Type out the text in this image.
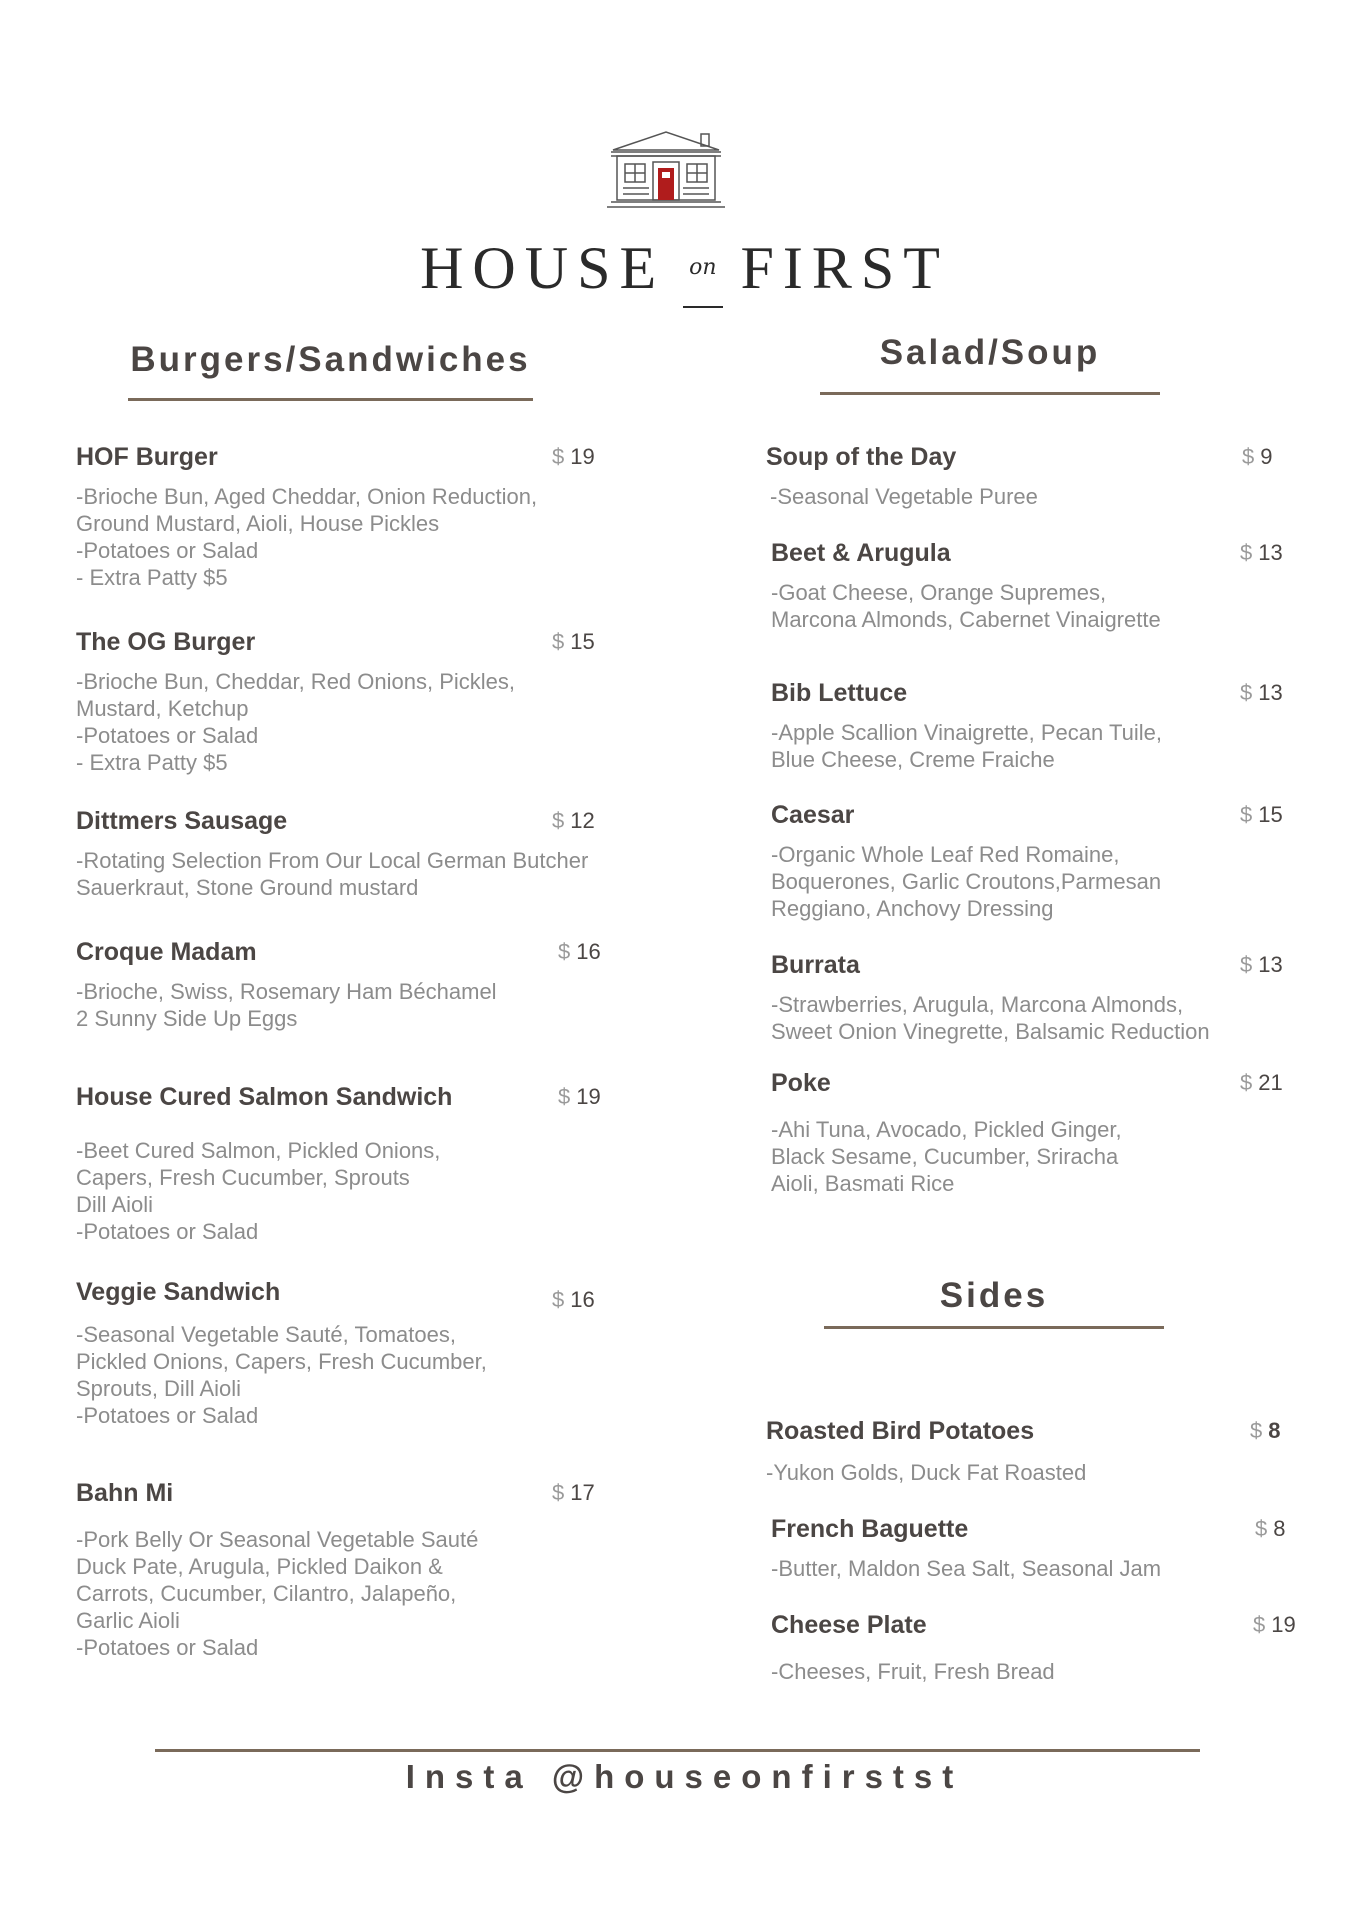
HOUSE on FIRST
Burgers/Sandwiches	Salad/Soup
Sides
HOF Burger	$ 19
-Brioche Bun, Aged Cheddar, Onion Reduction,
Ground Mustard, Aioli, House Pickles
-Potatoes or Salad
- Extra Patty $5
The OG Burger	$ 15
-Brioche Bun, Cheddar, Red Onions, Pickles,
Mustard, Ketchup
-Potatoes or Salad
- Extra Patty $5
Dittmers Sausage	$ 12
-Rotating Selection From Our Local German Butcher
Sauerkraut, Stone Ground mustard
Croque Madam	$ 16
-Brioche, Swiss, Rosemary Ham Béchamel
2 Sunny Side Up Eggs
House Cured Salmon Sandwich	$ 19
-Beet Cured Salmon, Pickled Onions,
Capers, Fresh Cucumber, Sprouts
Dill Aioli
-Potatoes or Salad
Veggie Sandwich	$ 16
-Seasonal Vegetable Sauté, Tomatoes,
Pickled Onions, Capers, Fresh Cucumber,
Sprouts, Dill Aioli
-Potatoes or Salad
Bahn Mi	$ 17
-Pork Belly Or Seasonal Vegetable Sauté
Duck Pate, Arugula, Pickled Daikon &
Carrots, Cucumber, Cilantro, Jalapeño,
Garlic Aioli
-Potatoes or Salad
Soup of the Day	$ 9
-Seasonal Vegetable Puree
Beet & Arugula	$ 13
-Goat Cheese, Orange Supremes,
Marcona Almonds, Cabernet Vinaigrette
Bib Lettuce	$ 13
-Apple Scallion Vinaigrette, Pecan Tuile,
Blue Cheese, Creme Fraiche
Caesar	$ 15
-Organic Whole Leaf Red Romaine,
Boquerones, Garlic Croutons,Parmesan
Reggiano, Anchovy Dressing
Burrata	$ 13
-Strawberries, Arugula, Marcona Almonds,
Sweet Onion Vinegrette, Balsamic Reduction
Poke	$ 21
-Ahi Tuna, Avocado, Pickled Ginger,
Black Sesame, Cucumber, Sriracha
Aioli, Basmati Rice
Roasted Bird Potatoes	$ 8
-Yukon Golds, Duck Fat Roasted
French Baguette	$ 8
-Butter, Maldon Sea Salt, Seasonal Jam
Cheese Plate	$ 19
-Cheeses, Fruit, Fresh Bread
Insta @houseonfirstst
